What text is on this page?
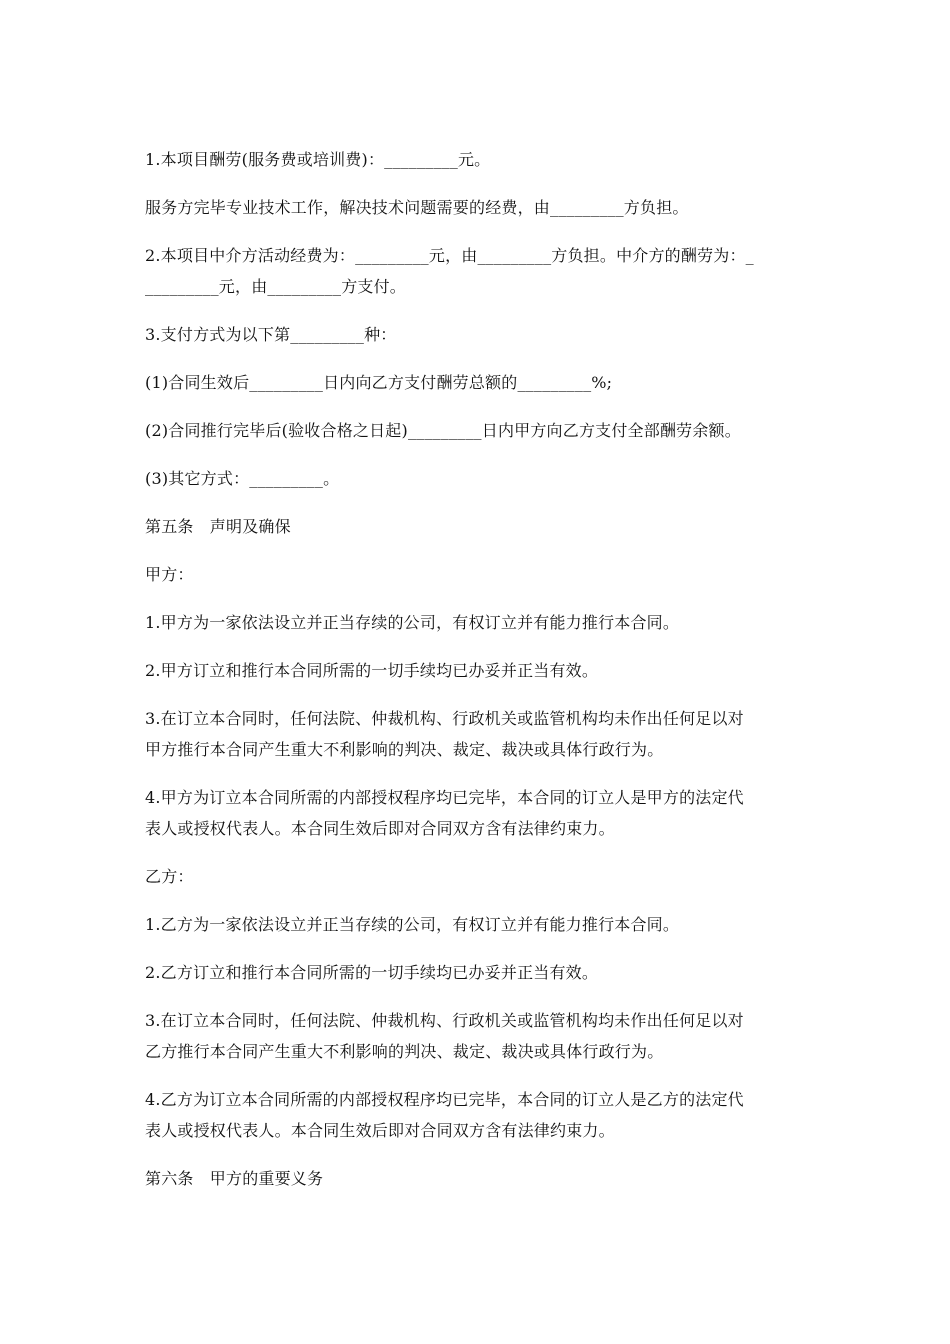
1.本项目酬劳(服务费或培训费)：_________元。

服务方完毕专业技术工作，解决技术问题需要的经费，由_________方负担。

2.本项目中介方活动经费为：_________元，由_________方负担。中介方的酬劳为：_
_________元，由_________方支付。

3.支付方式为以下第_________种：

(1)合同生效后_________日内向乙方支付酬劳总额的_________%;

(2)合同推行完毕后(验收合格之日起)_________日内甲方向乙方支付全部酬劳余额。

(3)其它方式：_________。

第五条　声明及确保

甲方：

1.甲方为一家依法设立并正当存续的公司，有权订立并有能力推行本合同。

2.甲方订立和推行本合同所需的一切手续均已办妥并正当有效。

3.在订立本合同时，任何法院、仲裁机构、行政机关或监管机构均未作出任何足以对
甲方推行本合同产生重大不利影响的判决、裁定、裁决或具体行政行为。

4.甲方为订立本合同所需的内部授权程序均已完毕，本合同的订立人是甲方的法定代
表人或授权代表人。本合同生效后即对合同双方含有法律约束力。

乙方：

1.乙方为一家依法设立并正当存续的公司，有权订立并有能力推行本合同。

2.乙方订立和推行本合同所需的一切手续均已办妥并正当有效。

3.在订立本合同时，任何法院、仲裁机构、行政机关或监管机构均未作出任何足以对
乙方推行本合同产生重大不利影响的判决、裁定、裁决或具体行政行为。

4.乙方为订立本合同所需的内部授权程序均已完毕，本合同的订立人是乙方的法定代
表人或授权代表人。本合同生效后即对合同双方含有法律约束力。

第六条　甲方的重要义务
